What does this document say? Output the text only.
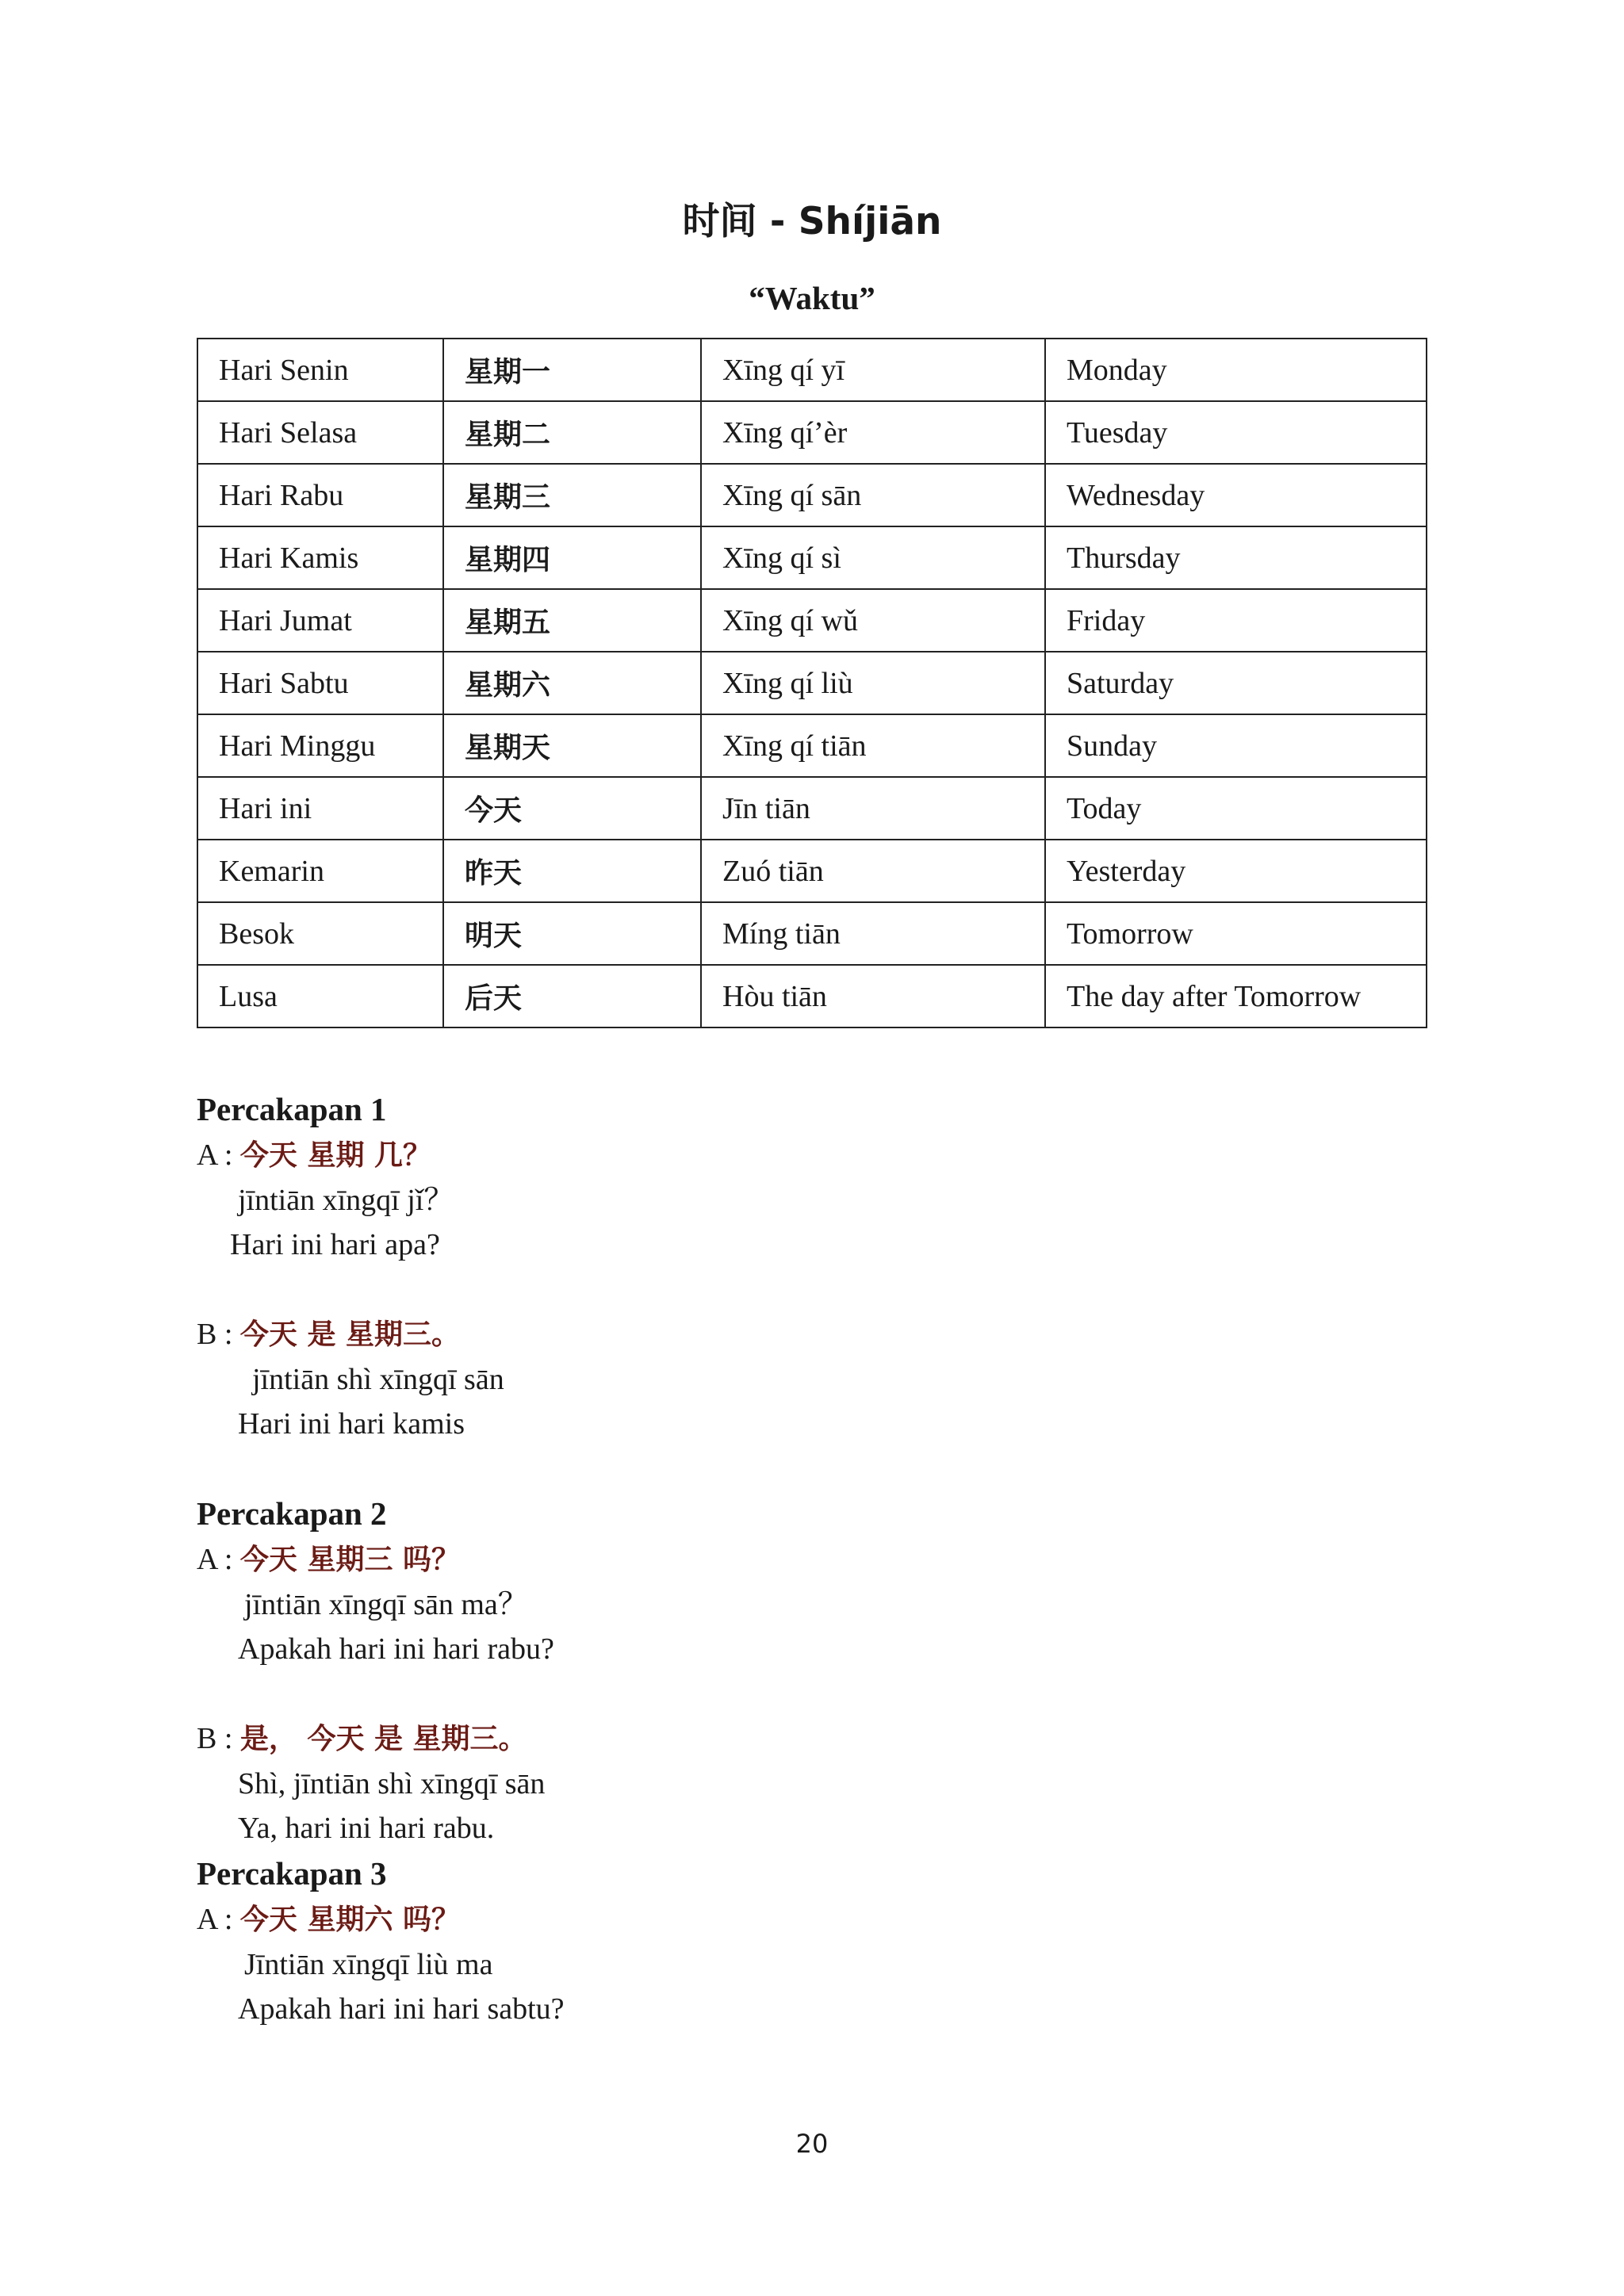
时间 - Shíjiān
“Waktu”
Hari Senin	星期一	Xīng qí yī	Monday
Hari Selasa	星期二	Xīng qí’èr	Tuesday
Hari Rabu	星期三	Xīng qí sān	Wednesday
Hari Kamis	星期四	Xīng qí sì	Thursday
Hari Jumat	星期五	Xīng qí wǔ	Friday
Hari Sabtu	星期六	Xīng qí liù	Saturday
Hari Minggu	星期天	Xīng qí tiān	Sunday
Hari ini	今天	Jīn tiān	Today
Kemarin	昨天	Zuó tiān	Yesterday
Besok	明天	Míng tiān	Tomorrow
Lusa	后天	Hòu tiān	The day after Tomorrow
Percakapan 1
A : 今天 星期 几？
jīntiān xīngqī jǐ？
Hari ini hari apa?
B : 今天 是 星期三。
jīntiān shì xīngqī sān
Hari ini hari kamis
Percakapan 2
A : 今天 星期三 吗？
jīntiān xīngqī sān ma？
Apakah hari ini hari rabu?
B : 是， 今天 是 星期三。
Shì, jīntiān shì xīngqī sān
Ya, hari ini hari rabu.
Percakapan 3
A : 今天 星期六 吗？
Jīntiān xīngqī liù ma
Apakah hari ini hari sabtu?
20
